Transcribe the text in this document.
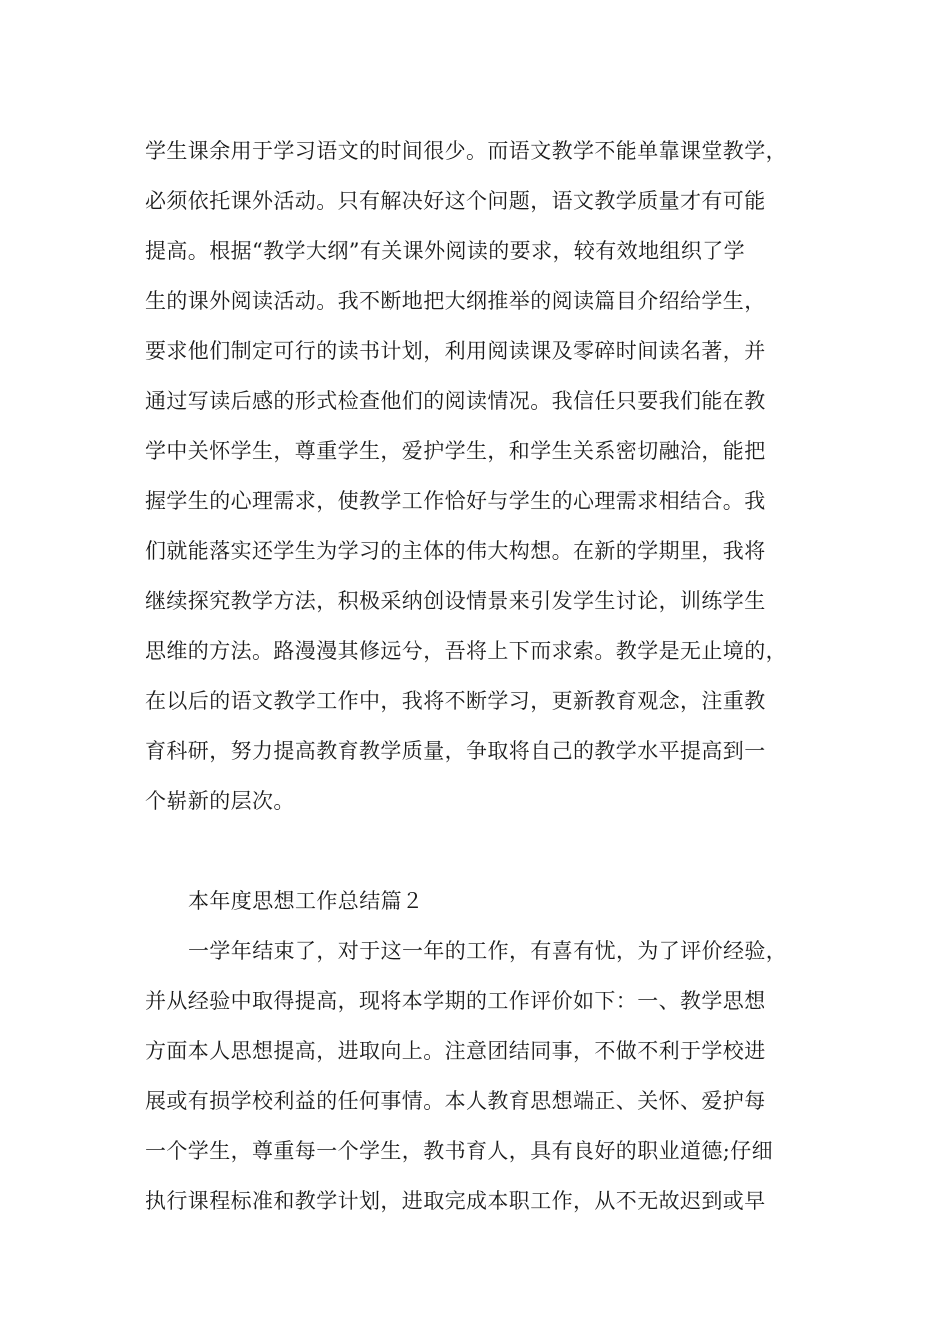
学生课余用于学习语文的时间很少。而语文教学不能单靠课堂教学，
必须依托课外活动。只有解决好这个问题，语文教学质量才有可能
提高。根据“教学大纲”有关课外阅读的要求，较有效地组织了学
生的课外阅读活动。我不断地把大纲推举的阅读篇目介绍给学生，
要求他们制定可行的读书计划，利用阅读课及零碎时间读名著，并
通过写读后感的形式检查他们的阅读情况。我信任只要我们能在教
学中关怀学生，尊重学生，爱护学生，和学生关系密切融洽，能把
握学生的心理需求，使教学工作恰好与学生的心理需求相结合。我
们就能落实还学生为学习的主体的伟大构想。在新的学期里，我将
继续探究教学方法，积极采纳创设情景来引发学生讨论，训练学生
思维的方法。路漫漫其修远兮，吾将上下而求索。教学是无止境的，
在以后的语文教学工作中，我将不断学习，更新教育观念，注重教
育科研，努力提高教育教学质量，争取将自己的教学水平提高到一
个崭新的层次。
本年度思想工作总结篇２
一学年结束了，对于这一年的工作，有喜有忧，为了评价经验，
并从经验中取得提高，现将本学期的工作评价如下：一、教学思想
方面本人思想提高，进取向上。注意团结同事，不做不利于学校进
展或有损学校利益的任何事情。本人教育思想端正、关怀、爱护每
一个学生，尊重每一个学生，教书育人，具有良好的职业道德;仔细
执行课程标准和教学计划，进取完成本职工作，从不无故迟到或早
